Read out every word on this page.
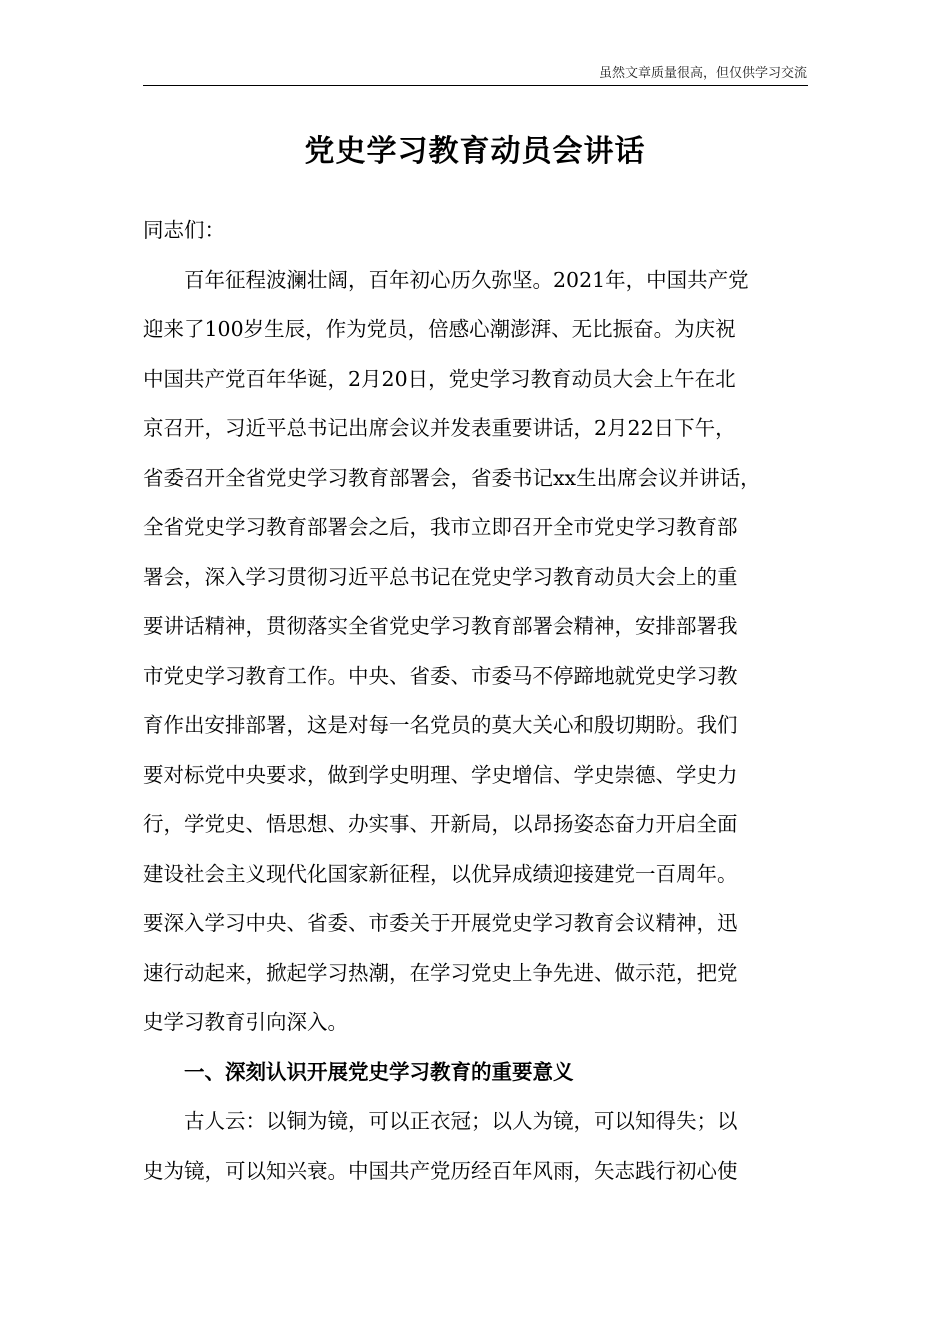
虽然文章质量很高，但仅供学习交流
党史学习教育动员会讲话
同志们：
百年征程波澜壮阔，百年初心历久弥坚。2021年，中国共产党
迎来了100岁生辰，作为党员，倍感心潮澎湃、无比振奋。为庆祝
中国共产党百年华诞，2月20日，党史学习教育动员大会上午在北
京召开，习近平总书记出席会议并发表重要讲话，2月22日下午，
省委召开全省党史学习教育部署会，省委书记xx生出席会议并讲话，
全省党史学习教育部署会之后，我市立即召开全市党史学习教育部
署会，深入学习贯彻习近平总书记在党史学习教育动员大会上的重
要讲话精神，贯彻落实全省党史学习教育部署会精神，安排部署我
市党史学习教育工作。中央、省委、市委马不停蹄地就党史学习教
育作出安排部署，这是对每一名党员的莫大关心和殷切期盼。我们
要对标党中央要求，做到学史明理、学史增信、学史崇德、学史力
行，学党史、悟思想、办实事、开新局，以昂扬姿态奋力开启全面
建设社会主义现代化国家新征程，以优异成绩迎接建党一百周年。
要深入学习中央、省委、市委关于开展党史学习教育会议精神，迅
速行动起来，掀起学习热潮，在学习党史上争先进、做示范，把党
史学习教育引向深入。
一、深刻认识开展党史学习教育的重要意义
古人云：以铜为镜，可以正衣冠；以人为镜，可以知得失；以
史为镜，可以知兴衰。中国共产党历经百年风雨，矢志践行初心使
